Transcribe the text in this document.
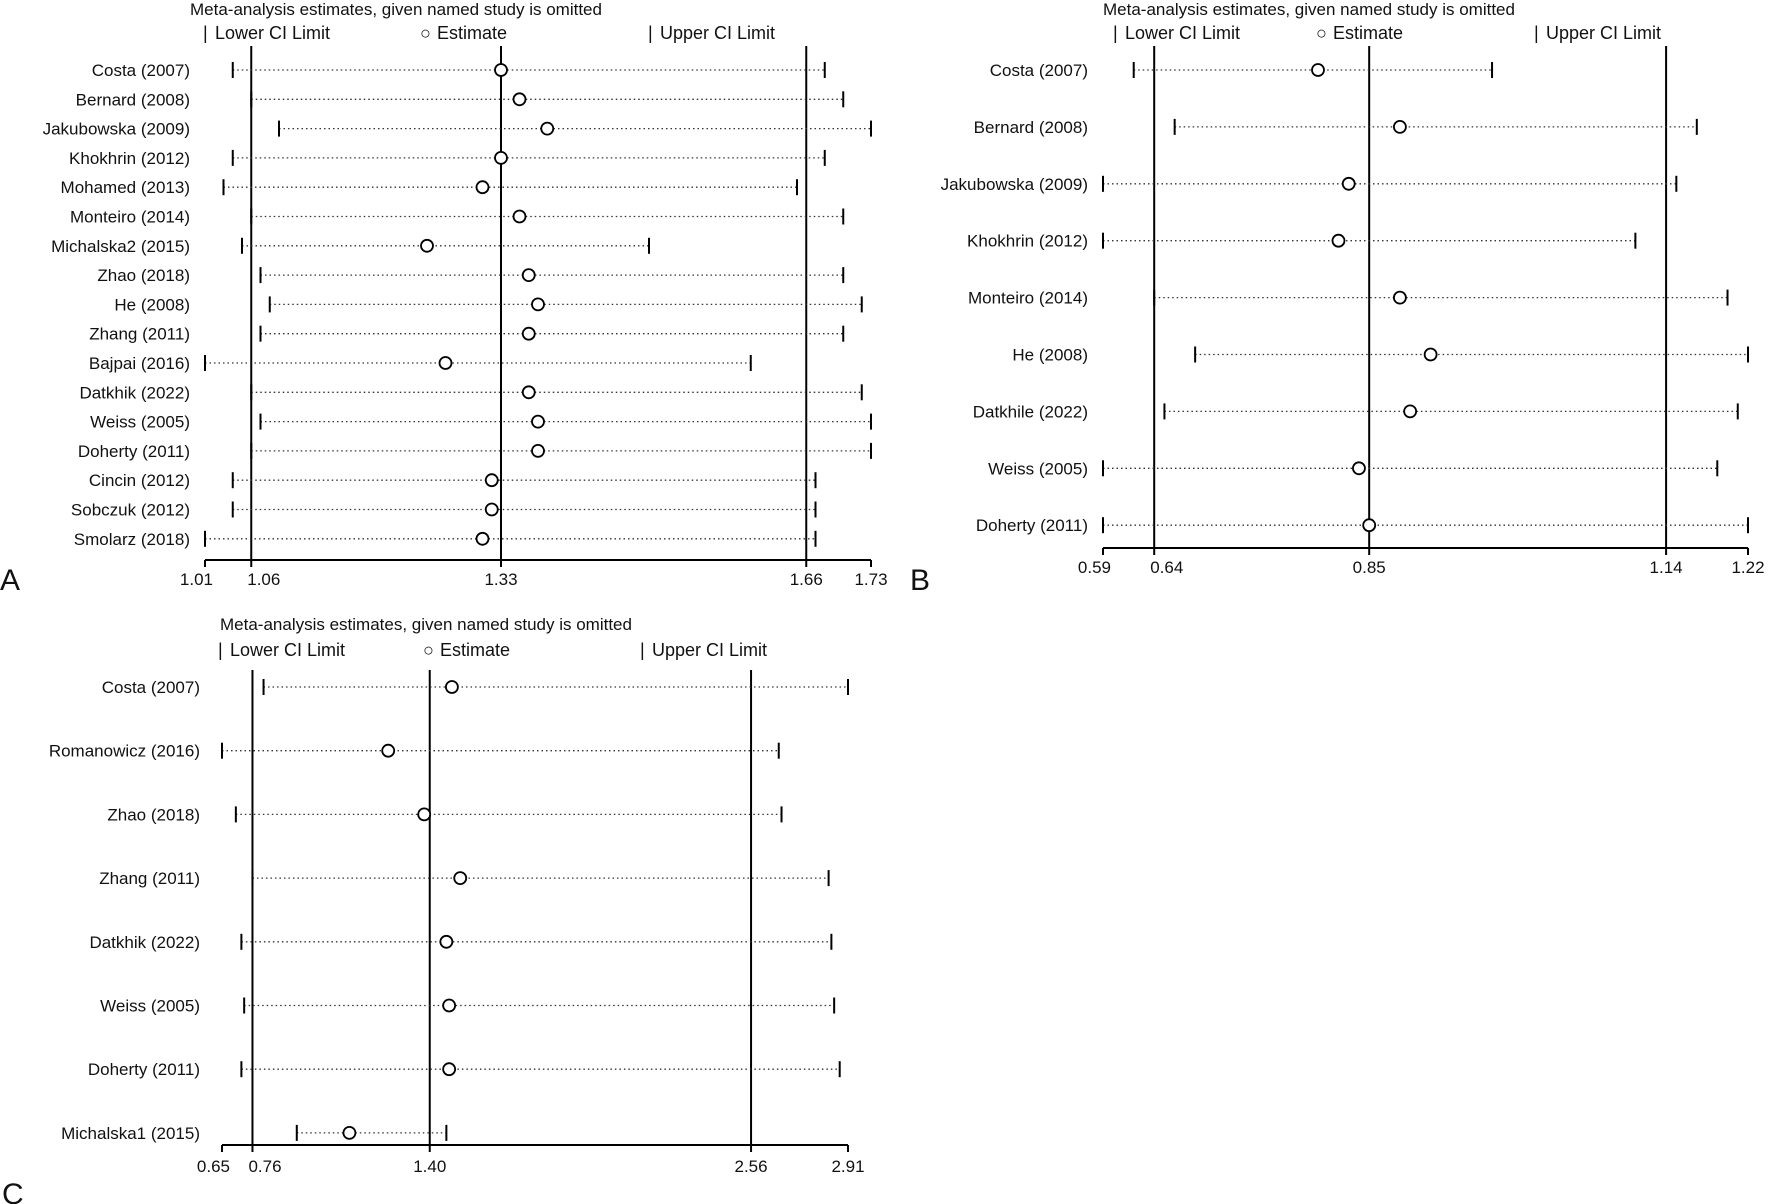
Meta-analysis estimates, given named study is omitted
| Lower CI Limit	○ Estimate	| Upper CI Limit
1.01 1.06	1.33	1.66 1.73
Costa (2007)
Bernard (2008)
Jakubowska (2009)
Khokhrin (2012)
Mohamed (2013)
Monteiro (2014)
Michalska2 (2015)
Zhao (2018)
He (2008)
Zhang (2011)
Bajpai (2016)
Datkhik (2022)
Weiss (2005)
Doherty (2011)
Cincin (2012)
Sobczuk (2012)
Smolarz (2018)
A
Meta-analysis estimates, given named study is omitted
| Lower CI Limit	○ Estimate	| Upper CI Limit
0.59 0.64	0.85	1.14	1.22
Costa (2007)
Bernard (2008)
Jakubowska (2009)
Khokhrin (2012)
Monteiro (2014)
He (2008)
Datkhile (2022)
Weiss (2005)
Doherty (2011)
B
Meta-analysis estimates, given named study is omitted
| Lower CI Limit	○ Estimate	| Upper CI Limit
0.65 0.76	1.40	2.56	2.91
Costa (2007)
Romanowicz (2016)
Zhao (2018)
Zhang (2011)
Datkhik (2022)
Weiss (2005)
Doherty (2011)
Michalska1 (2015)
C
